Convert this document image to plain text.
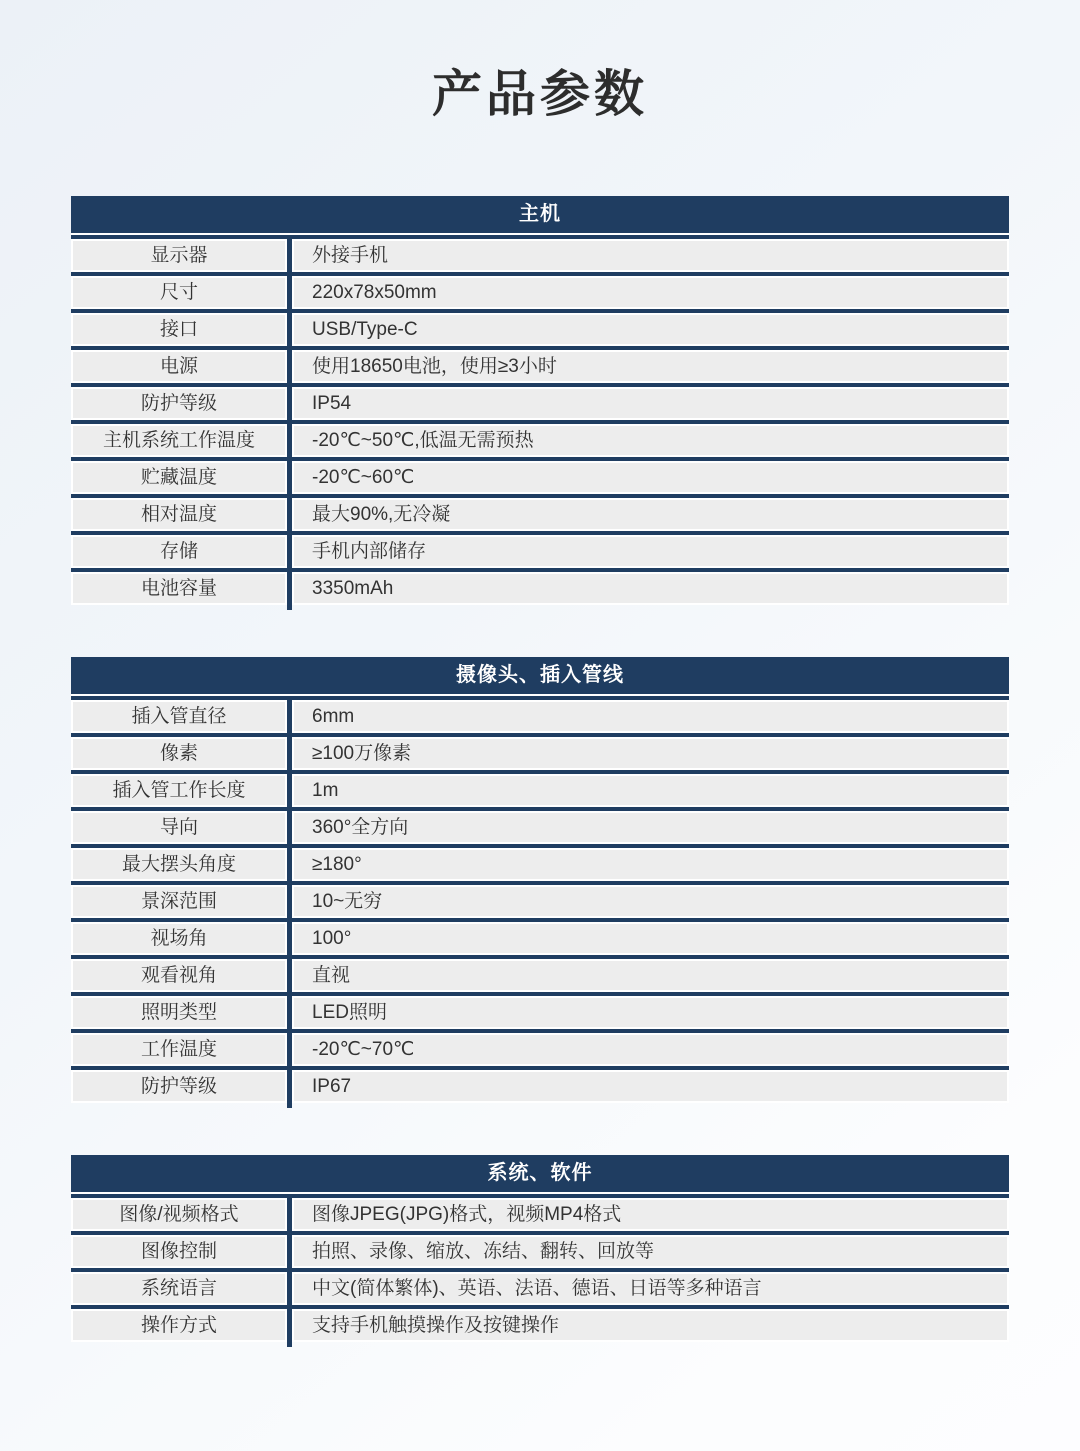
产品参数
主机
显示器	外接手机
尺寸	220x78x50mm
接口	USB/Type-C
电源	使用18650电池，使用≥3小时
防护等级	IP54
主机系统工作温度	-20℃~50℃,低温无需预热
贮藏温度	-20℃~60℃
相对温度	最大90%,无冷凝
存储	手机内部储存
电池容量	3350mAh
摄像头、插入管线
插入管直径	6mm
像素	≥100万像素
插入管工作长度	1m
导向	360°全方向
最大摆头角度	≥180°
景深范围	10~无穷
视场角	100°
观看视角	直视
照明类型	LED照明
工作温度	-20℃~70℃
防护等级	IP67
系统、软件
图像/视频格式	图像JPEG(JPG)格式，视频MP4格式
图像控制	拍照、录像、缩放、冻结、翻转、回放等
系统语言	中文(简体繁体)、英语、法语、德语、日语等多种语言
操作方式	支持手机触摸操作及按键操作
